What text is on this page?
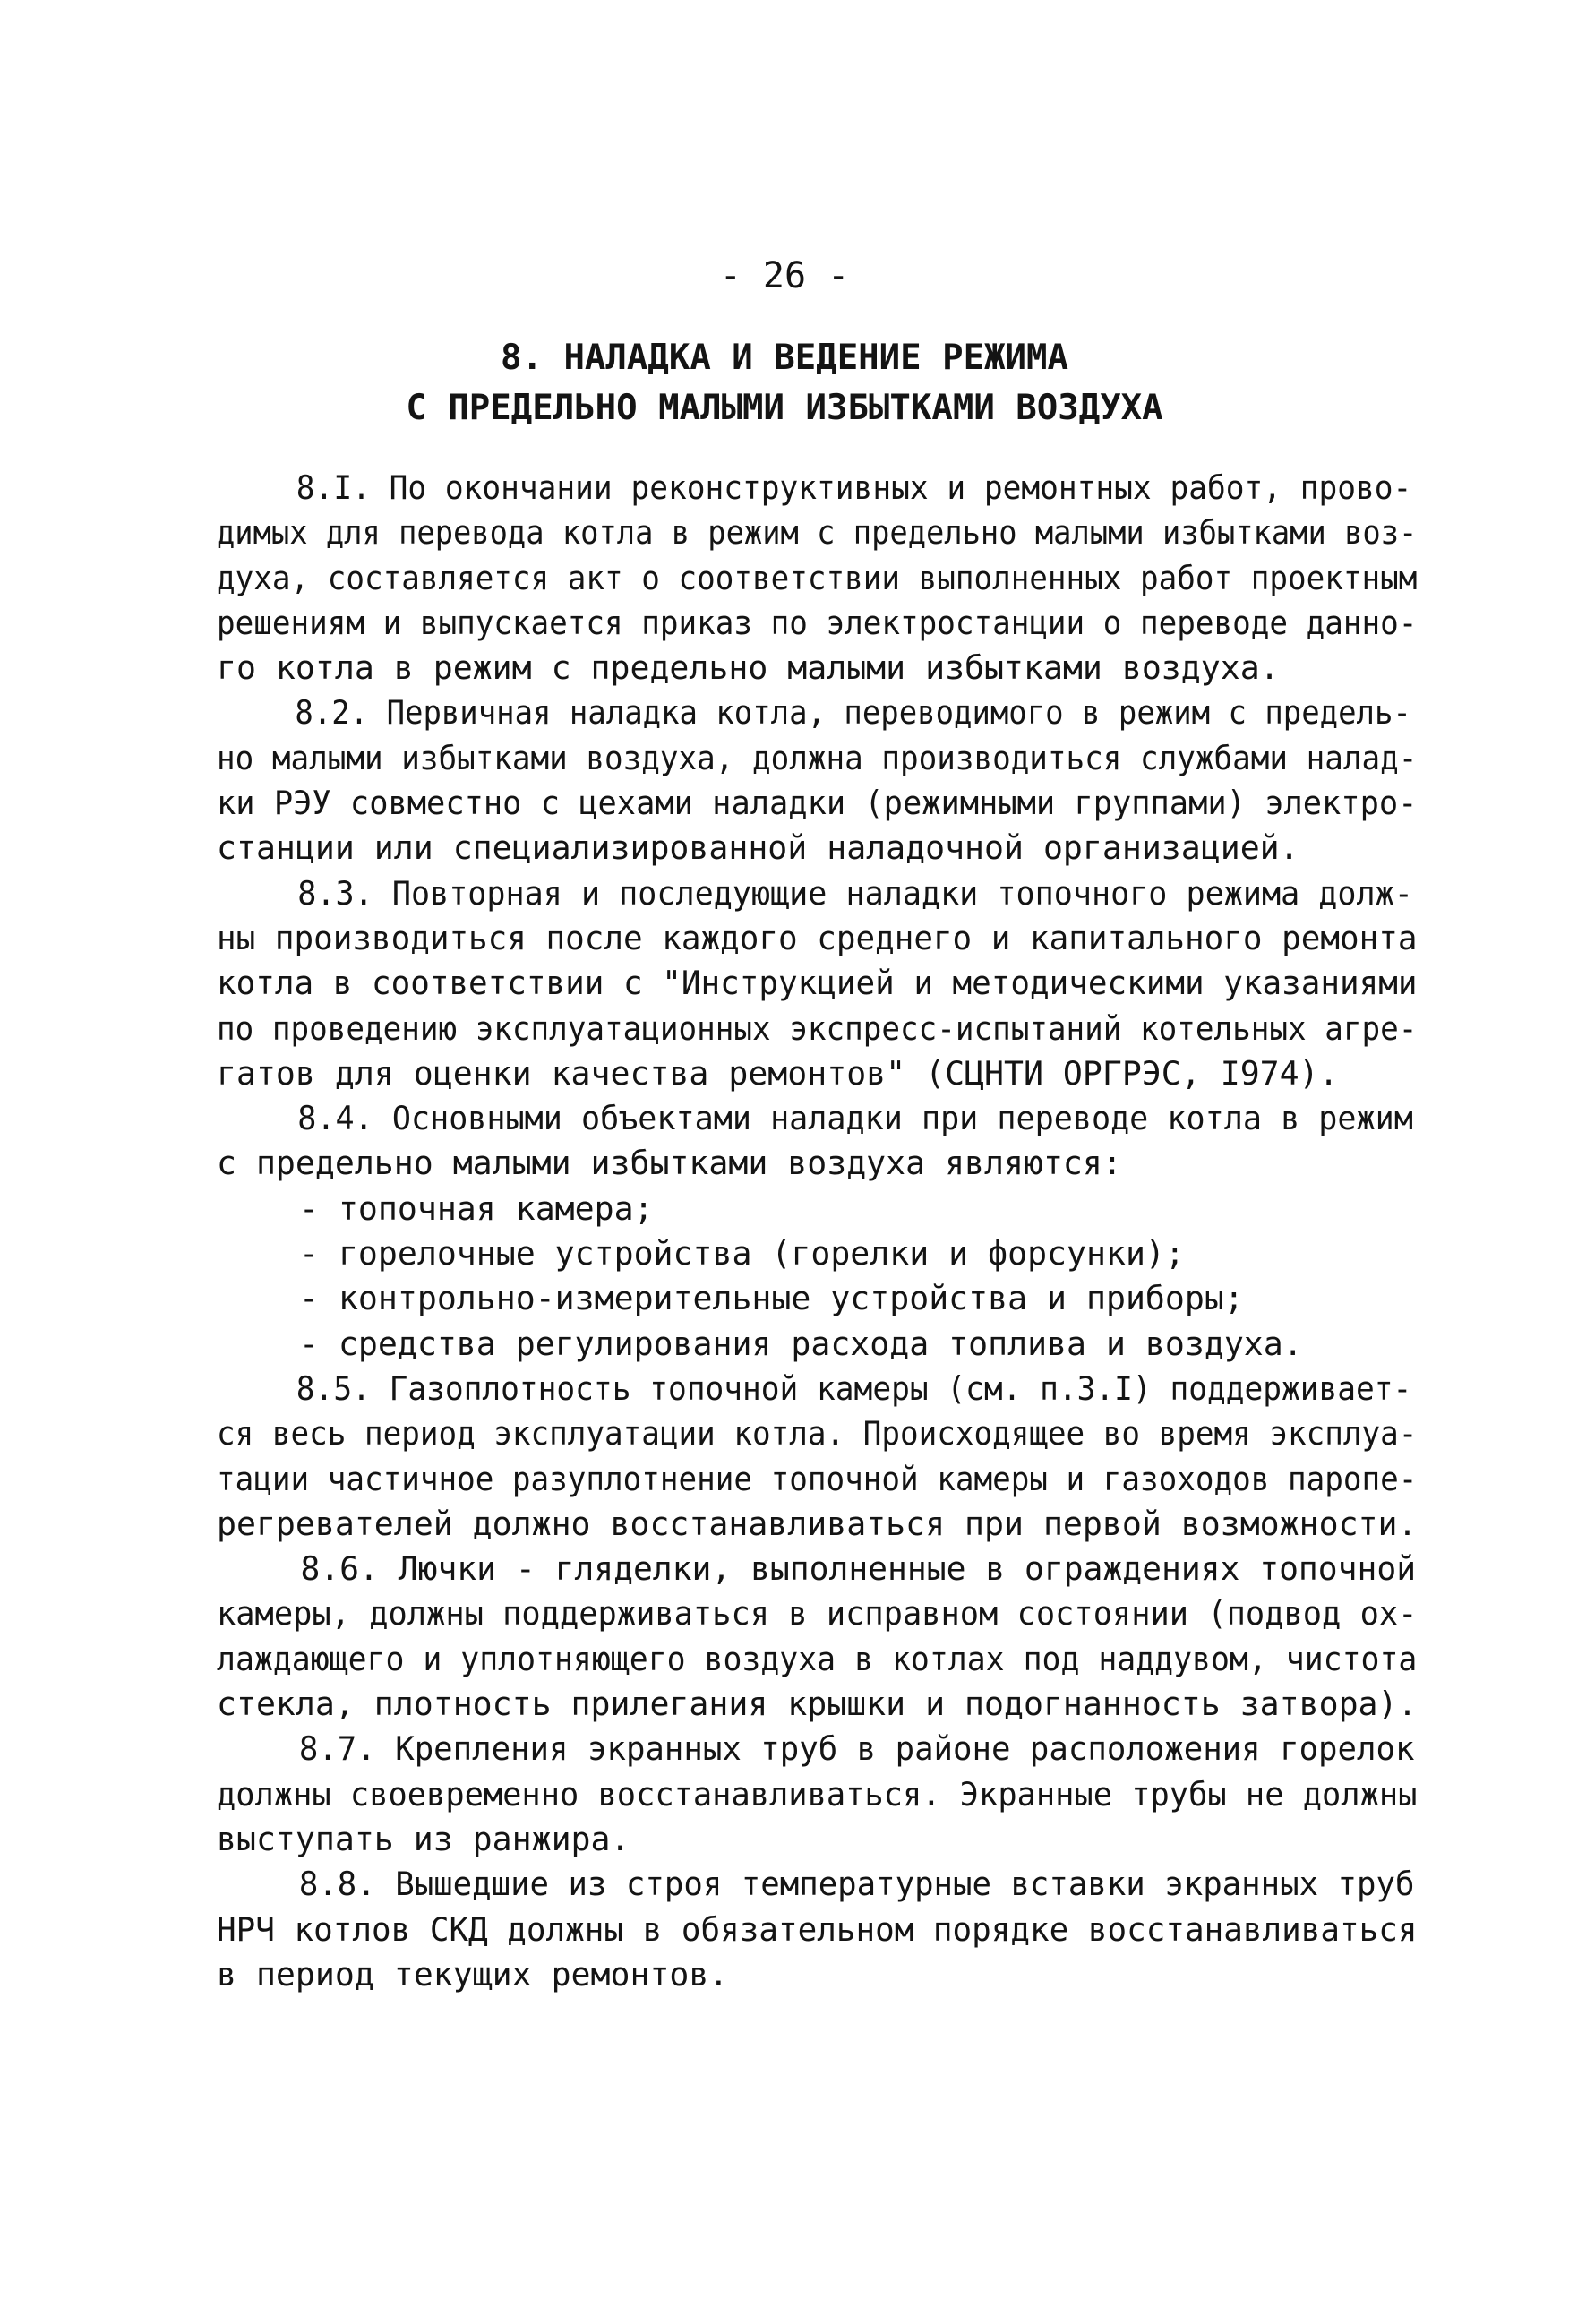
- 26 -
8. НАЛАДКА И ВЕДЕНИЕ РЕЖИМА
С ПРЕДЕЛЬНО МАЛЫМИ ИЗБЫТКАМИ ВОЗДУХА
8.I. По окончании реконструктивных и ремонтных работ, прово-
димых для перевода котла в режим с предельно малыми избытками воз-
духа, составляется акт о соответствии выполненных работ проектным
решениям и выпускается приказ по электростанции о переводе данно-
го котла в режим с предельно малыми избытками воздуха.
8.2. Первичная наладка котла, переводимого в режим с предель-
но малыми избытками воздуха, должна производиться службами налад-
ки РЭУ совместно с цехами наладки (режимными группами) электро-
станции или специализированной наладочной организацией.
8.3. Повторная и последующие наладки топочного режима долж-
ны производиться после каждого среднего и капитального ремонта
котла в соответствии с "Инструкцией и методическими указаниями
по проведению эксплуатационных экспресс-испытаний котельных агре-
гатов для оценки качества ремонтов" (СЦНТИ ОРГРЭС, I974).
8.4. Основными объектами наладки при переводе котла в режим
с предельно малыми избытками воздуха являются:
- топочная камера;
- горелочные устройства (горелки и форсунки);
- контрольно-измерительные устройства и приборы;
- средства регулирования расхода топлива и воздуха.
8.5. Газоплотность топочной камеры (см. п.3.I) поддерживает-
ся весь период эксплуатации котла. Происходящее во время эксплуа-
тации частичное разуплотнение топочной камеры и газоходов паропе-
регревателей должно восстанавливаться при первой возможности.
8.6. Лючки - гляделки, выполненные в ограждениях топочной
камеры, должны поддерживаться в исправном состоянии (подвод ох-
лаждающего и уплотняющего воздуха в котлах под наддувом, чистота
стекла, плотность прилегания крышки и подогнанность затвора).
8.7. Крепления экранных труб в районе расположения горелок
должны своевременно восстанавливаться. Экранные трубы не должны
выступать из ранжира.
8.8. Вышедшие из строя температурные вставки экранных труб
НРЧ котлов СКД должны в обязательном порядке восстанавливаться
в период текущих ремонтов.
